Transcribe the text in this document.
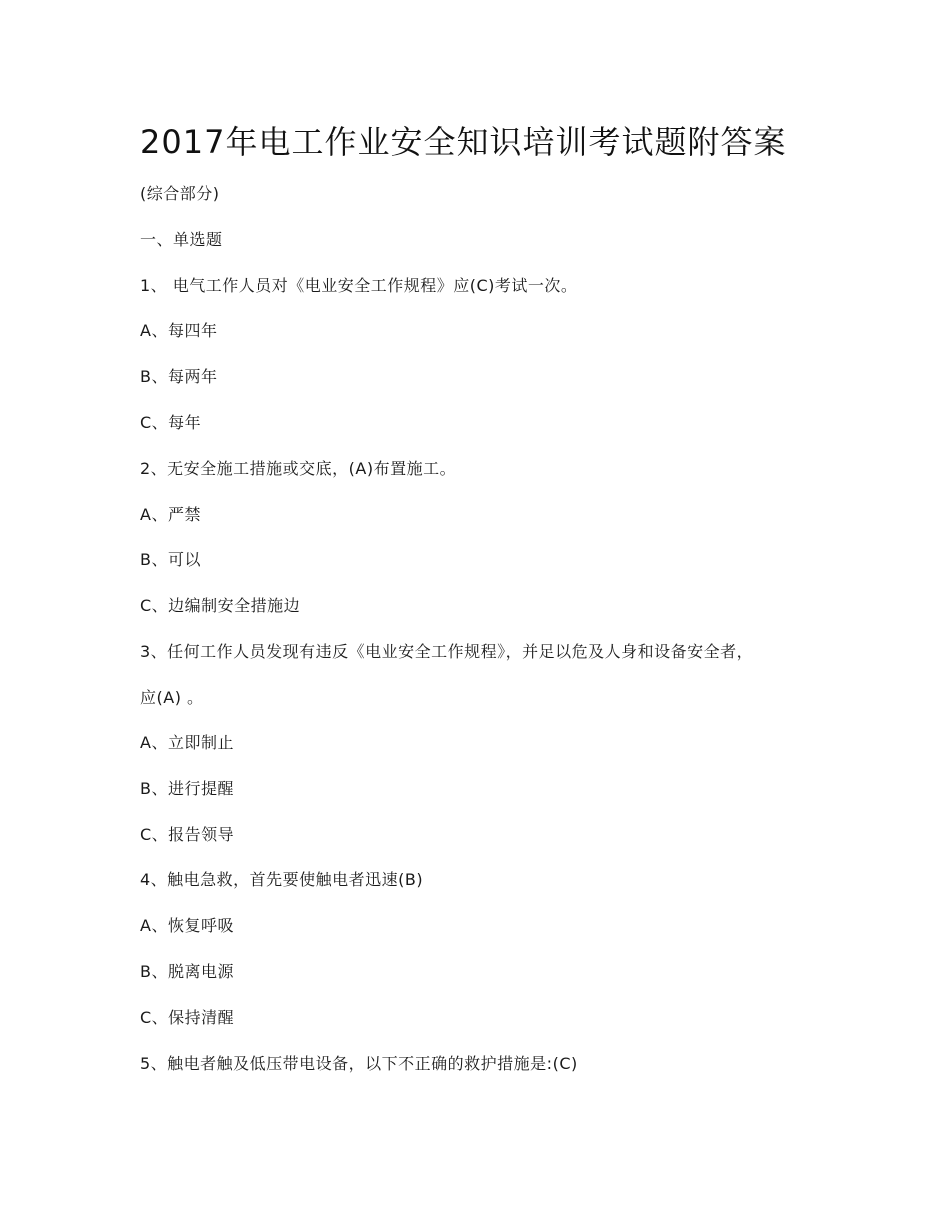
2017年电工作业安全知识培训考试题附答案
(综合部分)
一、单选题
1、 电气工作人员对《电业安全工作规程》应(C)考试一次。
A、每四年
B、每两年
C、每年
2、无安全施工措施或交底，(A)布置施工。
A、严禁
B、可以
C、边编制安全措施边
3、任何工作人员发现有违反《电业安全工作规程》，并足以危及人身和设备安全者，
应(A) 。
A、立即制止
B、进行提醒
C、报告领导
4、触电急救，首先要使触电者迅速(B)
A、恢复呼吸
B、脱离电源
C、保持清醒
5、触电者触及低压带电设备，以下不正确的救护措施是:(C)
